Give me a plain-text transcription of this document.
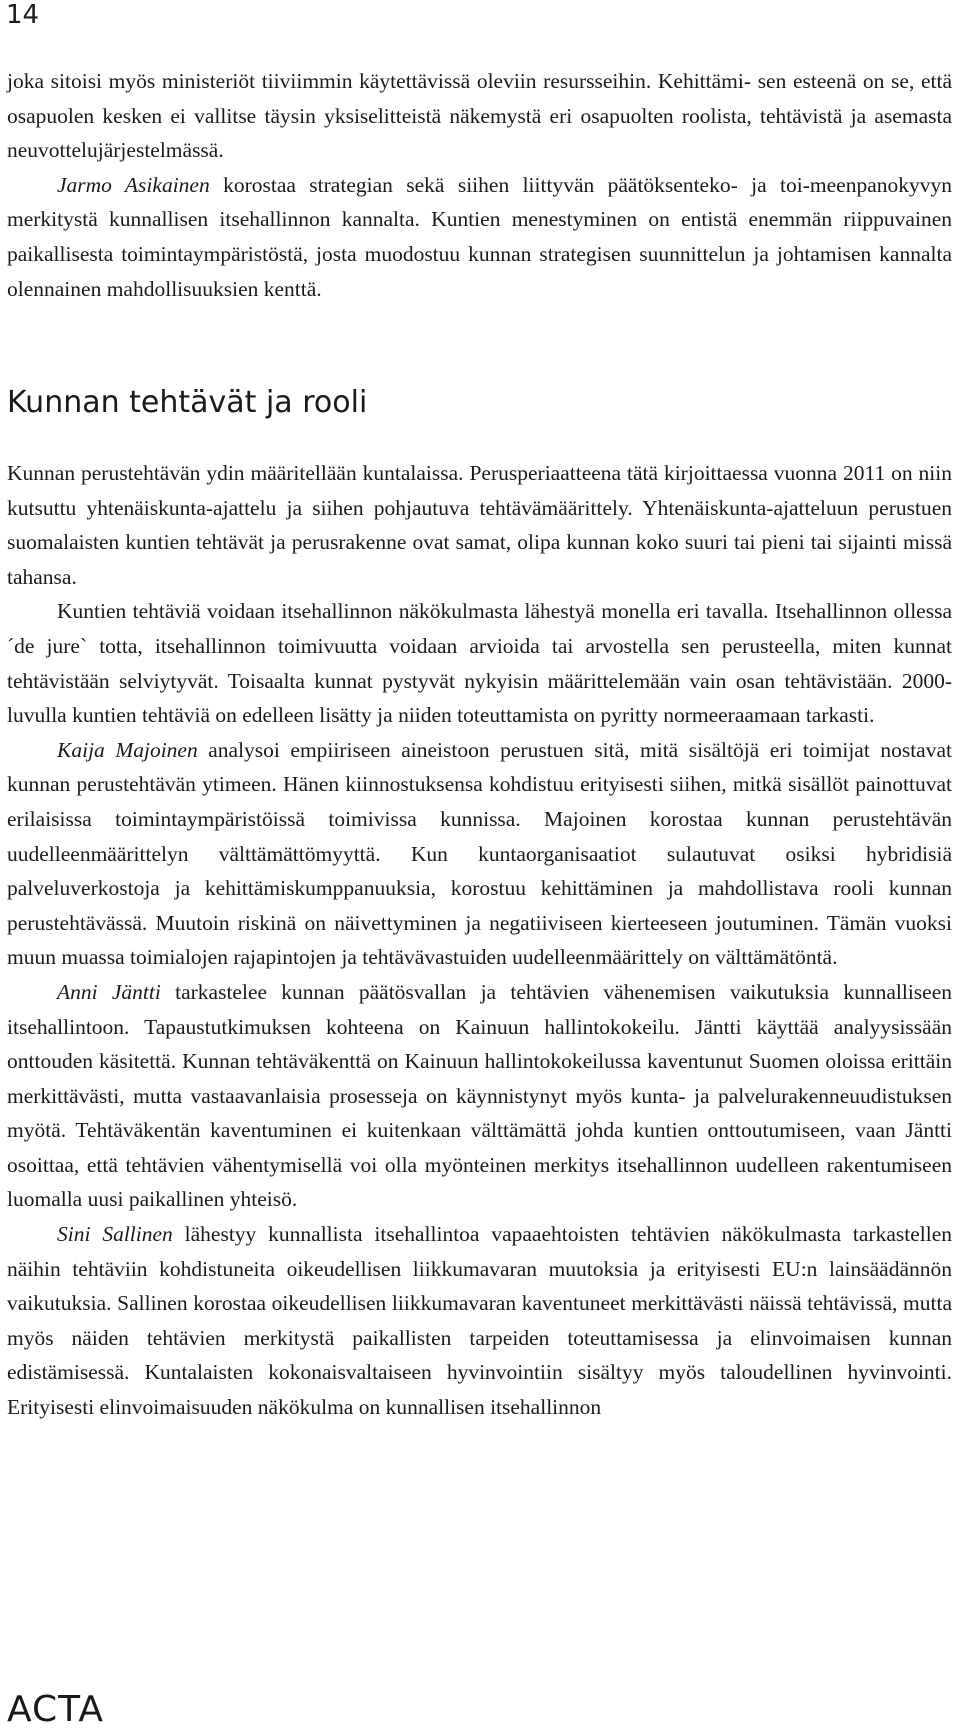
14

joka sitoisi myös ministeriöt tiiviimmin käytettävissä oleviin resursseihin. Kehittämi- sen esteenä on se, että osapuolen kesken ei vallitse täysin yksiselitteistä näkemystä eri osapuolten roolista, tehtävistä ja asemasta neuvottelujärjestelmässä.

Jarmo Asikainen korostaa strategian sekä siihen liittyvän päätöksenteko- ja toi-meenpanokyvyn merkitystä kunnallisen itsehallinnon kannalta. Kuntien menestyminen on entistä enemmän riippuvainen paikallisesta toimintaympäristöstä, josta muodostuu kunnan strategisen suunnittelun ja johtamisen kannalta olennainen mahdollisuuksien kenttä.

Kunnan tehtävät ja rooli

Kunnan perustehtävän ydin määritellään kuntalaissa. Perusperiaatteena tätä kirjoittaessa vuonna 2011 on niin kutsuttu yhtenäiskunta-ajattelu ja siihen pohjautuva tehtävämäärittely. Yhtenäiskunta-ajatteluun perustuen suomalaisten kuntien tehtävät ja perusrakenne ovat samat, olipa kunnan koko suuri tai pieni tai sijainti missä tahansa.

Kuntien tehtäviä voidaan itsehallinnon näkökulmasta lähestyä monella eri tavalla. Itsehallinnon ollessa ´de jure` totta, itsehallinnon toimivuutta voidaan arvioida tai arvostella sen perusteella, miten kunnat tehtävistään selviytyvät. Toisaalta kunnat pystyvät nykyisin määrittelemään vain osan tehtävistään. 2000-luvulla kuntien tehtäviä on edelleen lisätty ja niiden toteuttamista on pyritty normeeraamaan tarkasti.

Kaija Majoinen analysoi empiiriseen aineistoon perustuen sitä, mitä sisältöjä eri toimijat nostavat kunnan perustehtävän ytimeen. Hänen kiinnostuksensa kohdistuu erityisesti siihen, mitkä sisällöt painottuvat erilaisissa toimintaympäristöissä toimivissa kunnissa. Majoinen korostaa kunnan perustehtävän uudelleenmäärittelyn välttämättömyyttä. Kun kuntaorganisaatiot sulautuvat osiksi hybridisiä palveluverkostoja ja kehittämiskumppanuuksia, korostuu kehittäminen ja mahdollistava rooli kunnan perustehtävässä. Muutoin riskinä on näivettyminen ja negatiiviseen kierteeseen joutuminen. Tämän vuoksi muun muassa toimialojen rajapintojen ja tehtävävastuiden uudelleenmäärittely on välttämätöntä.

Anni Jäntti tarkastelee kunnan päätösvallan ja tehtävien vähenemisen vaikutuksia kunnalliseen itsehallintoon. Tapaustutkimuksen kohteena on Kainuun hallintokokeilu. Jäntti käyttää analyysissään onttouden käsitettä. Kunnan tehtäväkenttä on Kainuun hallintokokeilussa kaventunut Suomen oloissa erittäin merkittävästi, mutta vastaavanlaisia prosesseja on käynnistynyt myös kunta- ja palvelurakenneuudistuksen myötä. Tehtäväkentän kaventuminen ei kuitenkaan välttämättä johda kuntien onttoutumiseen, vaan Jäntti osoittaa, että tehtävien vähentymisellä voi olla myönteinen merkitys itsehallinnon uudelleen rakentumiseen luomalla uusi paikallinen yhteisö.

Sini Sallinen lähestyy kunnallista itsehallintoa vapaaehtoisten tehtävien näkökulmasta tarkastellen näihin tehtäviin kohdistuneita oikeudellisen liikkumavaran muutoksia ja erityisesti EU:n lainsäädännön vaikutuksia. Sallinen korostaa oikeudellisen liikkumavaran kaventuneet merkittävästi näissä tehtävissä, mutta myös näiden tehtävien merkitystä paikallisten tarpeiden toteuttamisessa ja elinvoimaisen kunnan edistämisessä. Kuntalaisten kokonaisvaltaiseen hyvinvointiin sisältyy myös taloudellinen hyvinvointi. Erityisesti elinvoimaisuuden näkökulma on kunnallisen itsehallinnon

ACTA
